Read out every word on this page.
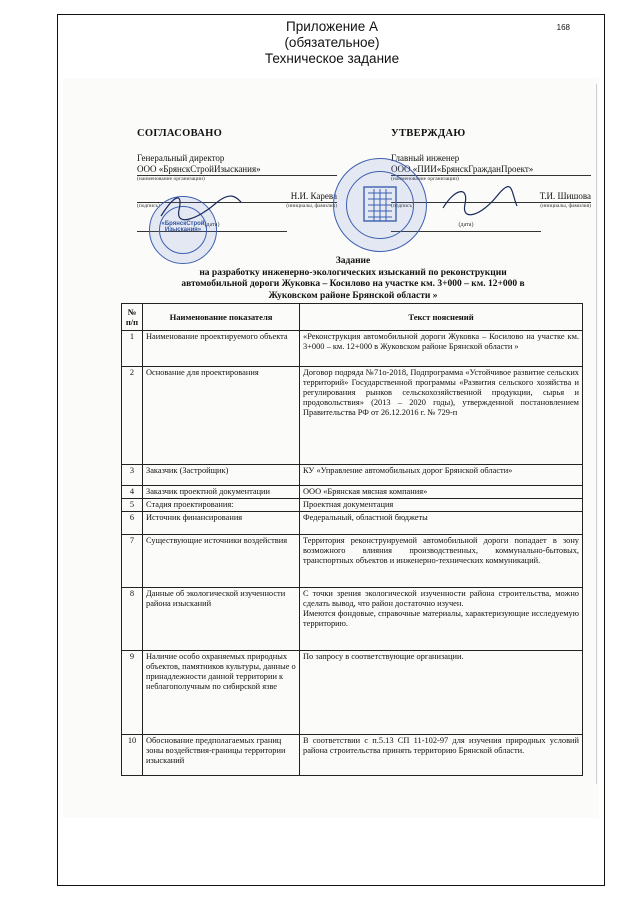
Приложение А
(обязательное)
Техническое задание
168
СОГЛАСОВАНО
Генеральный директор
ООО «БрянскСтройИзыскания»
(наименование организации)

Н.И. Карева
(подпись)	(инициалы, фамилия)
(дата)
УТВЕРЖДАЮ
Главный инженер
ООО «ПИИ«БрянскГражданПроект»
(наименование организации)

Т.И. Шишова
(подпись)	(инициалы, фамилия)
(дата)
«БрянскСтрой Изыскания»
Задание
на разработку инженерно-экологических изысканий по реконструкции
автомобильной дороги Жуковка – Косилово на участке км. 3+000 – км. 12+000 в
Жуковском районе Брянской области »
№ п/п	Наименование показателя	Текст пояснений
1	Наименование проектируемого объекта	«Реконструкция автомобильной дороги Жуковка – Косилово на участке км. 3+000 – км. 12+000 в Жуковском районе Брянской области »
2	Основание для проектирования	Договор подряда №71о-2018, Подпрограмма «Устойчивое развитие сельских территорий» Государственной программы «Развития сельского хозяйства и регулирования рынков сельскохозяйственной продукции, сырья и продовольствия» (2013 – 2020 годы), утвержденной постановлением Правительства РФ от 26.12.2016 г. № 729-п
3	Заказчик (Застройщик)	КУ «Управление автомобильных дорог Брянской области»
4	Заказчик проектной документации	ООО «Брянская мясная компания»
5	Стадия проектирования:	Проектная документация
6	Источник финансирования	Федеральный, областной бюджеты
7	Существующие источники воздействия	Территория реконструируемой автомобильной дороги попадает в зону возможного влияния производственных, коммунально-бытовых, транспортных объектов и инженерно-технических коммуникаций.
8	Данные об экологической изученности района изысканий	С точки зрения экологической изученности района строительства, можно сделать вывод, что район достаточно изучен.
Имеются фондовые, справочные материалы, характеризующие исследуемую территорию.
9	Наличие особо охраняемых природных объектов, памятников культуры, данные о принадлежности данной территории к неблагополучным по сибирской язве	По запросу в соответствующие организации.
10	Обоснование предполагаемых границ зоны воздействия-границы территории изысканий	В соответствии с п.5.13 СП 11-102-97 для изучения природных условий района строительства принять территорию Брянской области.
